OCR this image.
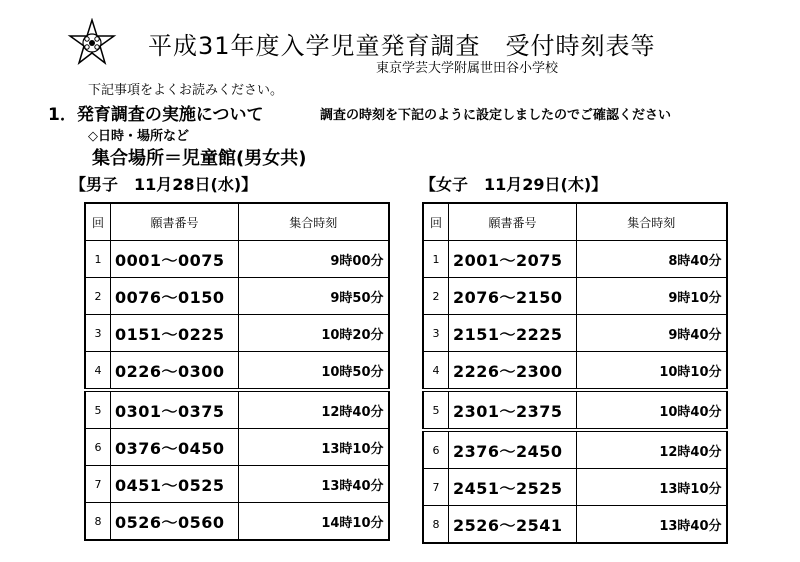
平成31年度入学児童発育調査　受付時刻表等
東京学芸大学附属世田谷小学校
下記事項をよくお読みください。
1．発育調査の実施について	調査の時刻を下記のように設定しましたのでご確認ください
◇日時・場所など
集合場所＝児童館(男女共)
【男子　11月28日(水)】	【女子　11月29日(木)】
回	願書番号	集合時刻
1	0001～0075	9時00分
2	0076～0150	9時50分
3	0151～0225	10時20分
4	0226～0300	10時50分
5	0301～0375	12時40分
6	0376～0450	13時10分
7	0451～0525	13時40分
8	0526～0560	14時10分
回	願書番号	集合時刻
1	2001～2075	8時40分
2	2076～2150	9時10分
3	2151～2225	9時40分
4	2226～2300	10時10分
5	2301～2375	10時40分
6	2376～2450	12時40分
7	2451～2525	13時10分
8	2526～2541	13時40分
